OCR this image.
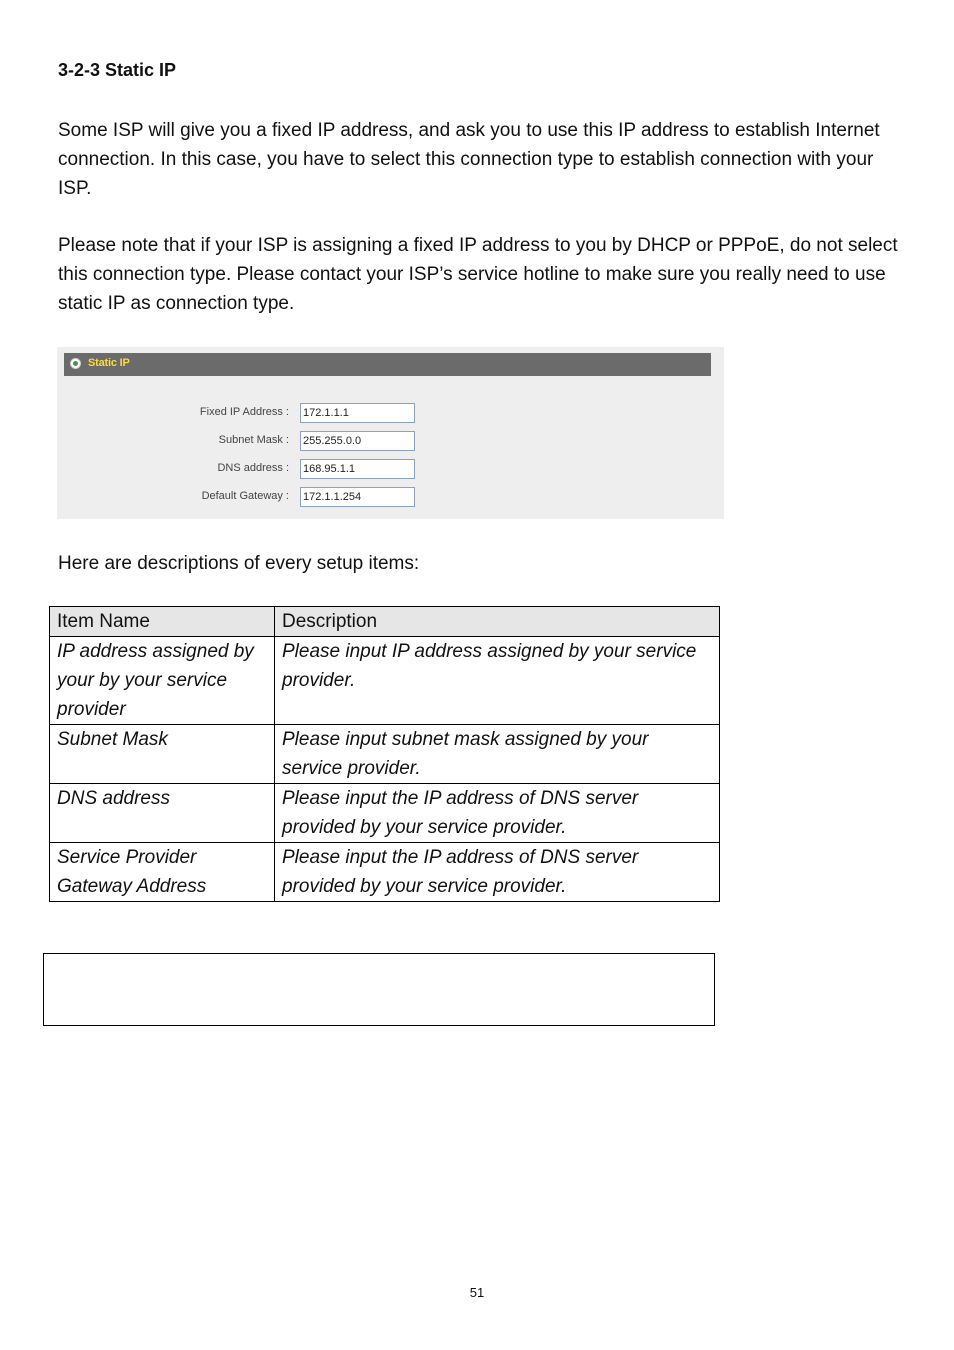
3-2-3 Static IP
Some ISP will give you a fixed IP address, and ask you to use this IP address to establish Internet connection. In this case, you have to select this connection type to establish connection with your ISP.
Please note that if your ISP is assigning a fixed IP address to you by DHCP or PPPoE, do not select this connection type. Please contact your ISP’s service hotline to make sure you really need to use static IP as connection type.
Static IP
Fixed IP Address :
172.1.1.1
Subnet Mask :
255.255.0.0
DNS address :
168.95.1.1
Default Gateway :
172.1.1.254
Here are descriptions of every setup items:
Item Name	Description
IP address assigned by your by your service provider	Please input IP address assigned by your service provider.
Subnet Mask	Please input subnet mask assigned by your service provider.
DNS address	Please input the IP address of DNS server provided by your service provider.
Service Provider Gateway Address	Please input the IP address of DNS server provided by your service provider.
51
